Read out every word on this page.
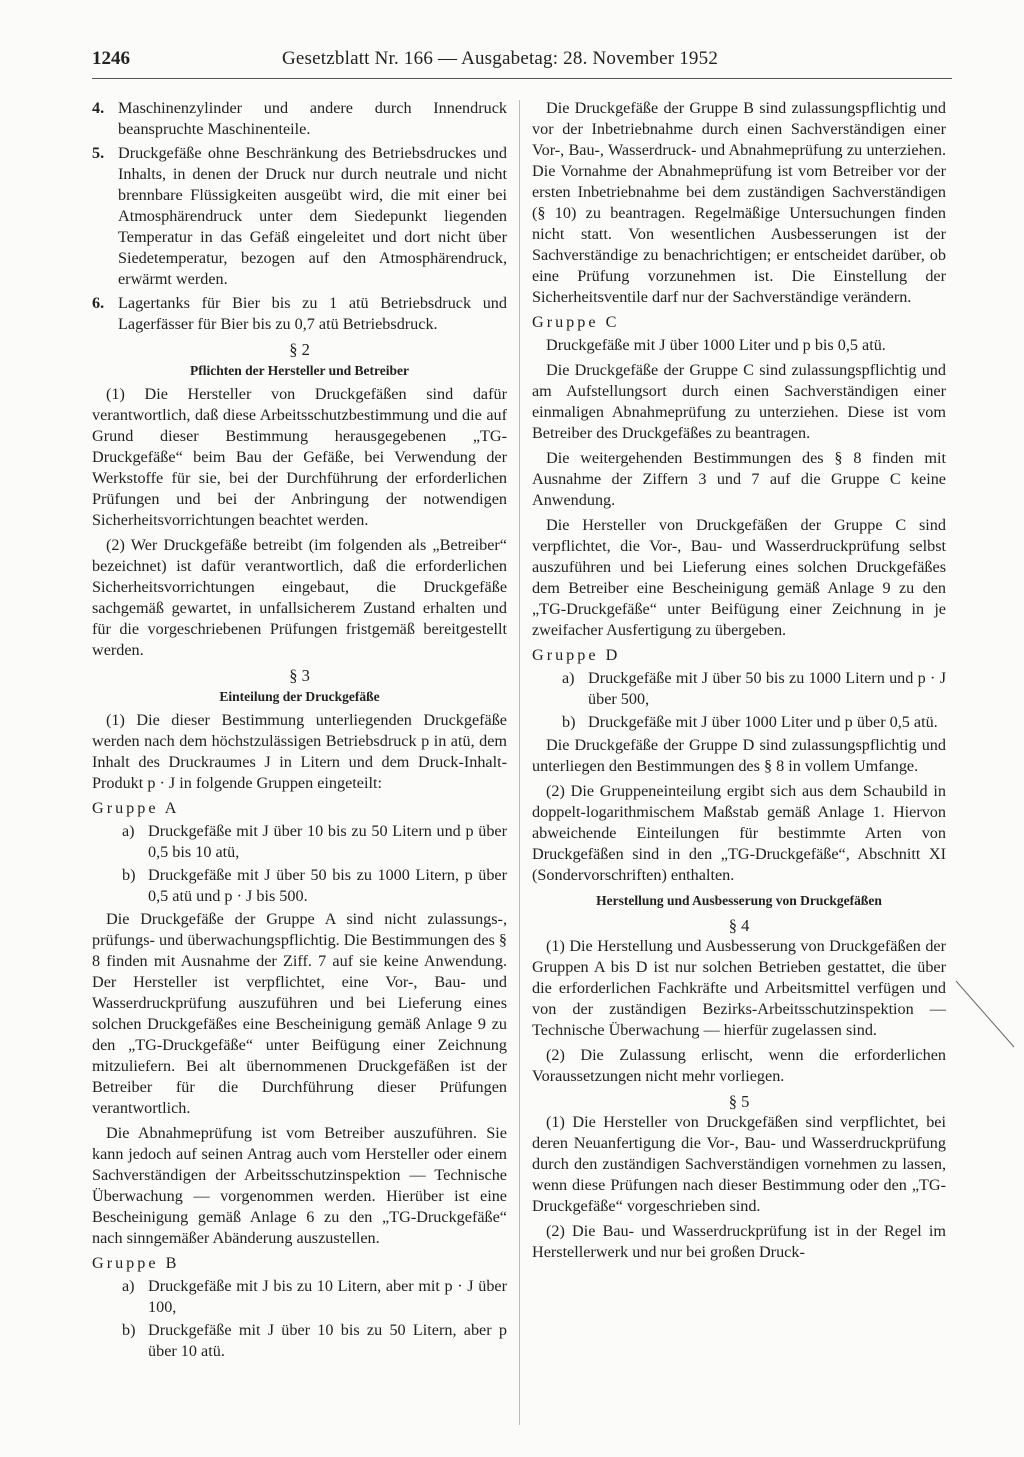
1246	Gesetzblatt Nr. 166 — Ausgabetag: 28. November 1952

4. Maschinenzylinder und andere durch Innendruck beanspruchte Maschinenteile.

5. Druckgefäße ohne Beschränkung des Betriebsdruckes und Inhalts, in denen der Druck nur durch neutrale und nicht brennbare Flüssigkeiten ausgeübt wird, die mit einer bei Atmosphärendruck unter dem Siedepunkt liegenden Temperatur in das Gefäß eingeleitet und dort nicht über Siedetemperatur, bezogen auf den Atmosphärendruck, erwärmt werden.

6. Lagertanks für Bier bis zu 1 atü Betriebsdruck und Lagerfässer für Bier bis zu 0,7 atü Betriebsdruck.

§ 2

Pflichten der Hersteller und Betreiber

(1) Die Hersteller von Druckgefäßen sind dafür verantwortlich, daß diese Arbeitsschutzbestimmung und die auf Grund dieser Bestimmung herausgegebenen „TG-Druckgefäße“ beim Bau der Gefäße, bei Verwendung der Werkstoffe für sie, bei der Durchführung der erforderlichen Prüfungen und bei der Anbringung der notwendigen Sicherheitsvorrichtungen beachtet werden.

(2) Wer Druckgefäße betreibt (im folgenden als „Betreiber“ bezeichnet) ist dafür verantwortlich, daß die erforderlichen Sicherheitsvorrichtungen eingebaut, die Druckgefäße sachgemäß gewartet, in unfallsicherem Zustand erhalten und für die vorgeschriebenen Prüfungen fristgemäß bereitgestellt werden.

§ 3

Einteilung der Druckgefäße

(1) Die dieser Bestimmung unterliegenden Druckgefäße werden nach dem höchstzulässigen Betriebsdruck p in atü, dem Inhalt des Druckraumes J in Litern und dem Druck-Inhalt-Produkt p · J in folgende Gruppen eingeteilt:

Gruppe A

a) Druckgefäße mit J über 10 bis zu 50 Litern und p über 0,5 bis 10 atü,

b) Druckgefäße mit J über 50 bis zu 1000 Litern, p über 0,5 atü und p · J bis 500.

Die Druckgefäße der Gruppe A sind nicht zulassungs-, prüfungs- und überwachungspflichtig. Die Bestimmungen des § 8 finden mit Ausnahme der Ziff. 7 auf sie keine Anwendung. Der Hersteller ist verpflichtet, eine Vor-, Bau- und Wasserdruckprüfung auszuführen und bei Lieferung eines solchen Druckgefäßes eine Bescheinigung gemäß Anlage 9 zu den „TG-Druckgefäße“ unter Beifügung einer Zeichnung mitzuliefern. Bei alt übernommenen Druckgefäßen ist der Betreiber für die Durchführung dieser Prüfungen verantwortlich.

Die Abnahmeprüfung ist vom Betreiber auszuführen. Sie kann jedoch auf seinen Antrag auch vom Hersteller oder einem Sachverständigen der Arbeitsschutzinspektion — Technische Überwachung — vorgenommen werden. Hierüber ist eine Bescheinigung gemäß Anlage 6 zu den „TG-Druckgefäße“ nach sinngemäßer Abänderung auszustellen.

Gruppe B

a) Druckgefäße mit J bis zu 10 Litern, aber mit p · J über 100,

b) Druckgefäße mit J über 10 bis zu 50 Litern, aber p über 10 atü.

Die Druckgefäße der Gruppe B sind zulassungspflichtig und vor der Inbetriebnahme durch einen Sachverständigen einer Vor-, Bau-, Wasserdruck- und Abnahmeprüfung zu unterziehen. Die Vornahme der Abnahmeprüfung ist vom Betreiber vor der ersten Inbetriebnahme bei dem zuständigen Sachverständigen (§ 10) zu beantragen. Regelmäßige Untersuchungen finden nicht statt. Von wesentlichen Ausbesserungen ist der Sachverständige zu benachrichtigen; er entscheidet darüber, ob eine Prüfung vorzunehmen ist. Die Einstellung der Sicherheitsventile darf nur der Sachverständige verändern.

Gruppe C

Druckgefäße mit J über 1000 Liter und p bis 0,5 atü.

Die Druckgefäße der Gruppe C sind zulassungspflichtig und am Aufstellungsort durch einen Sachverständigen einer einmaligen Abnahmeprüfung zu unterziehen. Diese ist vom Betreiber des Druckgefäßes zu beantragen.

Die weitergehenden Bestimmungen des § 8 finden mit Ausnahme der Ziffern 3 und 7 auf die Gruppe C keine Anwendung.

Die Hersteller von Druckgefäßen der Gruppe C sind verpflichtet, die Vor-, Bau- und Wasserdruckprüfung selbst auszuführen und bei Lieferung eines solchen Druckgefäßes dem Betreiber eine Bescheinigung gemäß Anlage 9 zu den „TG-Druckgefäße“ unter Beifügung einer Zeichnung in je zweifacher Ausfertigung zu übergeben.

Gruppe D

a) Druckgefäße mit J über 50 bis zu 1000 Litern und p · J über 500,

b) Druckgefäße mit J über 1000 Liter und p über 0,5 atü.

Die Druckgefäße der Gruppe D sind zulassungspflichtig und unterliegen den Bestimmungen des § 8 in vollem Umfange.

(2) Die Gruppeneinteilung ergibt sich aus dem Schaubild in doppelt-logarithmischem Maßstab gemäß Anlage 1. Hiervon abweichende Einteilungen für bestimmte Arten von Druckgefäßen sind in den „TG-Druckgefäße“, Abschnitt XI (Sondervorschriften) enthalten.

Herstellung und Ausbesserung von Druckgefäßen

§ 4

(1) Die Herstellung und Ausbesserung von Druckgefäßen der Gruppen A bis D ist nur solchen Betrieben gestattet, die über die erforderlichen Fachkräfte und Arbeitsmittel verfügen und von der zuständigen Bezirks-Arbeitsschutzinspektion — Technische Überwachung — hierfür zugelassen sind.

(2) Die Zulassung erlischt, wenn die erforderlichen Voraussetzungen nicht mehr vorliegen.

§ 5

(1) Die Hersteller von Druckgefäßen sind verpflichtet, bei deren Neuanfertigung die Vor-, Bau- und Wasserdruckprüfung durch den zuständigen Sachverständigen vornehmen zu lassen, wenn diese Prüfungen nach dieser Bestimmung oder den „TG-Druckgefäße“ vorgeschrieben sind.

(2) Die Bau- und Wasserdruckprüfung ist in der Regel im Herstellerwerk und nur bei großen Druck-
